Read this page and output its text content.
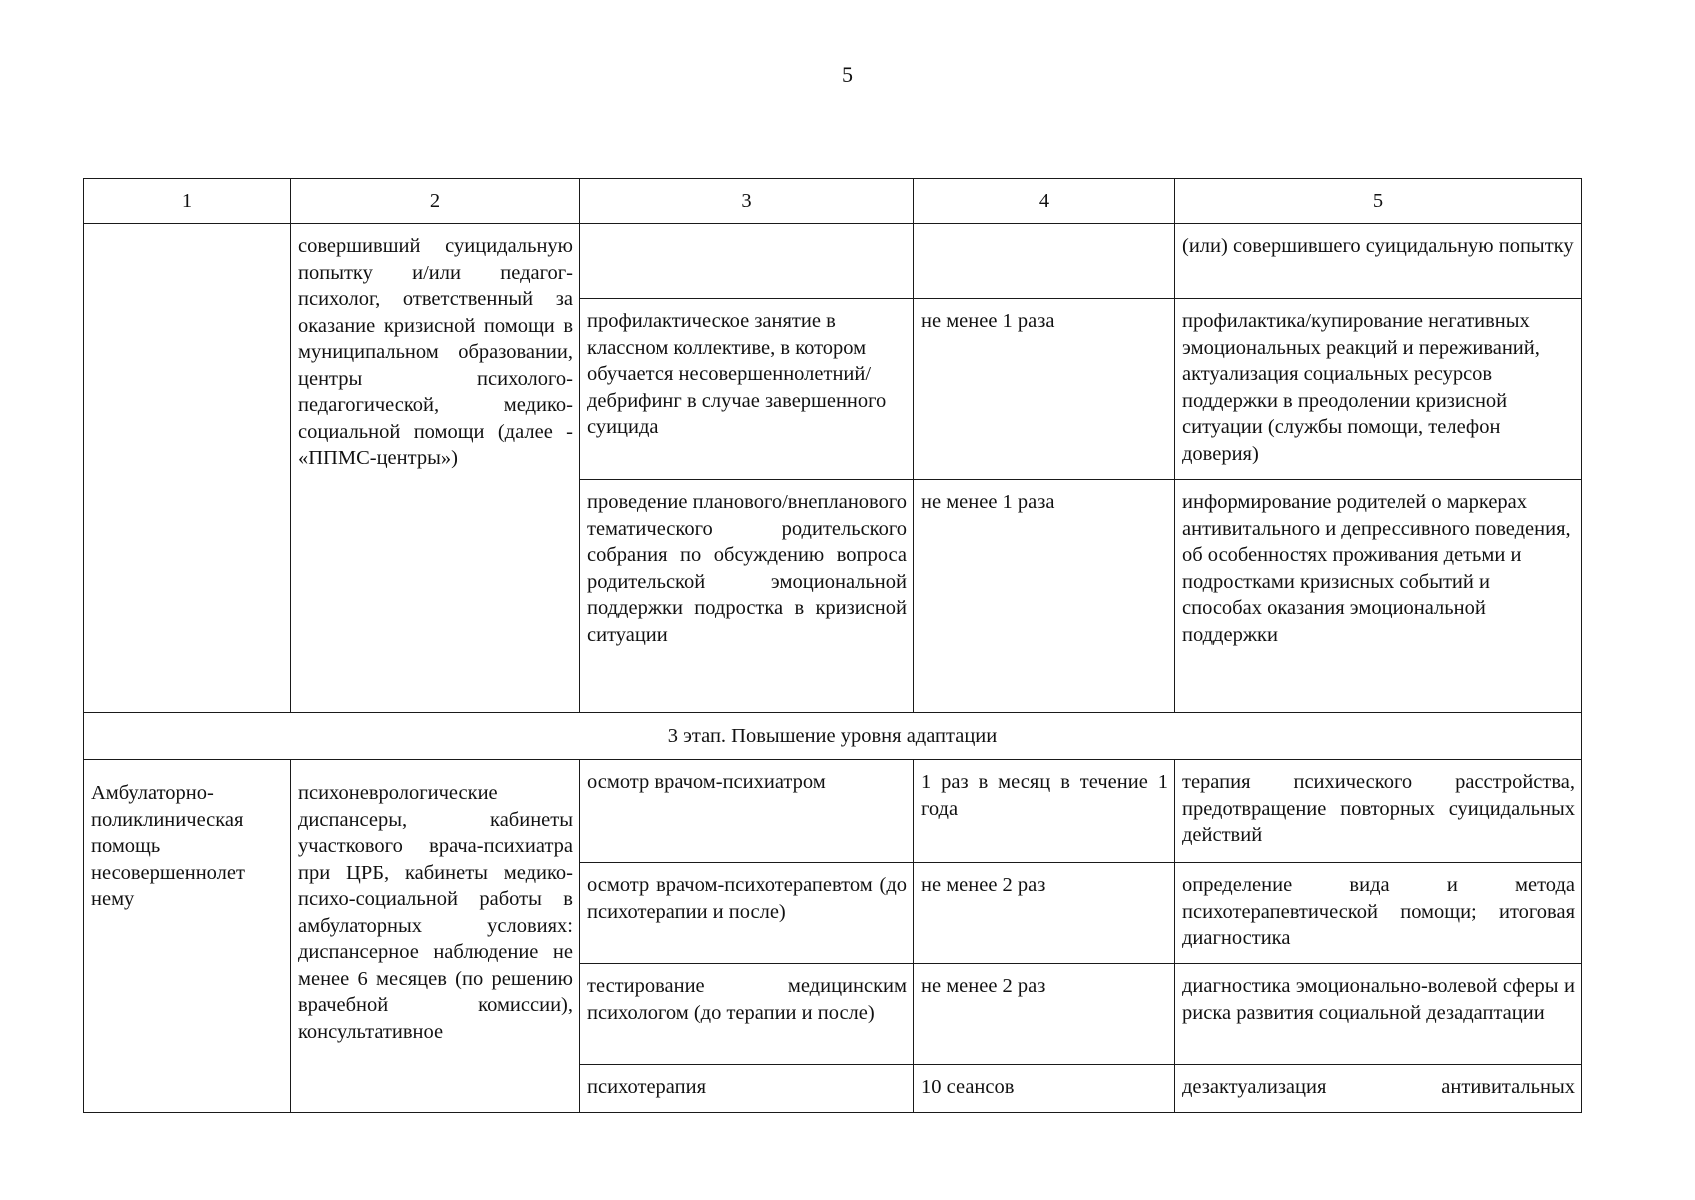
5
1	2	3	4	5
	совершивший суицидальную попытку и/или педагог-психолог, ответственный за оказание кризисной помощи в муниципальном образовании, центры психолого-педагогической, медико-социальной помощи (далее - «ППМС-центры»)			(или) совершившего суицидальную попытку
		профилактическое занятие в классном коллективе, в котором обучается несовершеннолетний/ дебрифинг в случае завершенного суицида	не менее 1 раза	профилактика/купирование негативных эмоциональных реакций и переживаний, актуализация социальных ресурсов поддержки в преодолении кризисной ситуации (службы помощи, телефон доверия)
		проведение планового/внепланового тематического родительского собрания по обсуждению вопроса родительской эмоциональной поддержки подростка в кризисной ситуации	не менее 1 раза	информирование родителей о маркерах антивитального и депрессивного поведения, об особенностях проживания детьми и подростками кризисных событий и способах оказания эмоциональной поддержки
3 этап. Повышение уровня адаптации				
Амбулаторно-поликлиническая помощь несовершеннолет нему	психоневрологические диспансеры, кабинеты участкового врача-психиатра при ЦРБ, кабинеты медико-психо-социальной работы в амбулаторных условиях: диспансерное наблюдение не менее 6 месяцев (по решению врачебной комиссии), консультативное	осмотр врачом-психиатром	1 раз в месяц в течение 1 года	терапия психического расстройства, предотвращение повторных суицидальных действий
		осмотр врачом-психотерапевтом (до психотерапии и после)	не менее 2 раз	определение вида и метода психотерапевтической помощи; итоговая диагностика
		тестирование медицинским психологом (до терапии и после)	не менее 2 раз	диагностика эмоционально-волевой сферы и риска развития социальной дезадаптации
		психотерапия	10 сеансов	дезактуализация антивитальных
